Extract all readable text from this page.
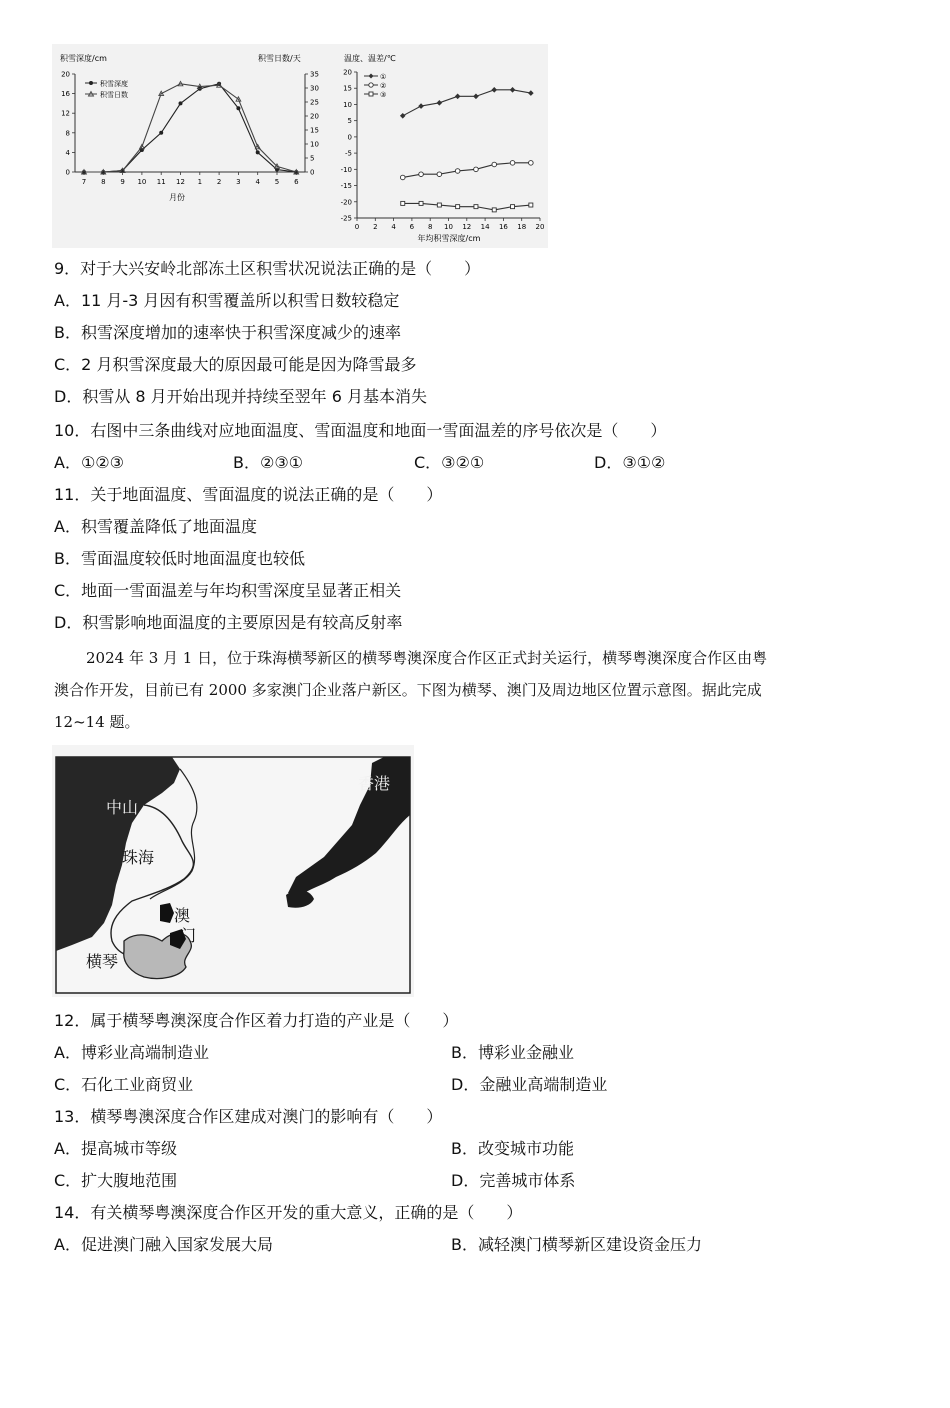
积雪深度/cm	积雪日数/天
积雪深度
积雪日数
月份
温度、温差/℃
①
②
③
年均积雪深度/cm
0
4
8
12
16
20
0
5
10
15
20
25
30
35
7 8 9 10 11 12 1 2 3 4 5 6
20
15
10
5
0
-5
-10
-15
-20
-25
0 2 4 6 8 10 12 14 16 18 20
9．对于大兴安岭北部冻土区积雪状况说法正确的是（　　）
A．11 月-3 月因有积雪覆盖所以积雪日数较稳定
B．积雪深度增加的速率快于积雪深度减少的速率
C．2 月积雪深度最大的原因最可能是因为降雪最多
D．积雪从 8 月开始出现并持续至翌年 6 月基本消失
10．右图中三条曲线对应地面温度、雪面温度和地面一雪面温差的序号依次是（　　）
A．①②③	B．②③①	C．③②①	D．③①②
11．关于地面温度、雪面温度的说法正确的是（　　）
A．积雪覆盖降低了地面温度
B．雪面温度较低时地面温度也较低
C．地面一雪面温差与年均积雪深度呈显著正相关
D．积雪影响地面温度的主要原因是有较高反射率
2024 年 3 月 1 日，位于珠海横琴新区的横琴粤澳深度合作区正式封关运行，横琴粤澳深度合作区由粤
澳合作开发，目前已有 2000 多家澳门企业落户新区。下图为横琴、澳门及周边地区位置示意图。据此完成
12~14 题。
中山
珠海
澳
门
横琴
香港
12．属于横琴粤澳深度合作区着力打造的产业是（　　）
A．博彩业高端制造业	B．博彩业金融业
C．石化工业商贸业	D．金融业高端制造业
13．横琴粤澳深度合作区建成对澳门的影响有（　　）
A．提高城市等级	B．改变城市功能
C．扩大腹地范围	D．完善城市体系
14．有关横琴粤澳深度合作区开发的重大意义，正确的是（　　）
A．促进澳门融入国家发展大局	B．减轻澳门横琴新区建设资金压力
